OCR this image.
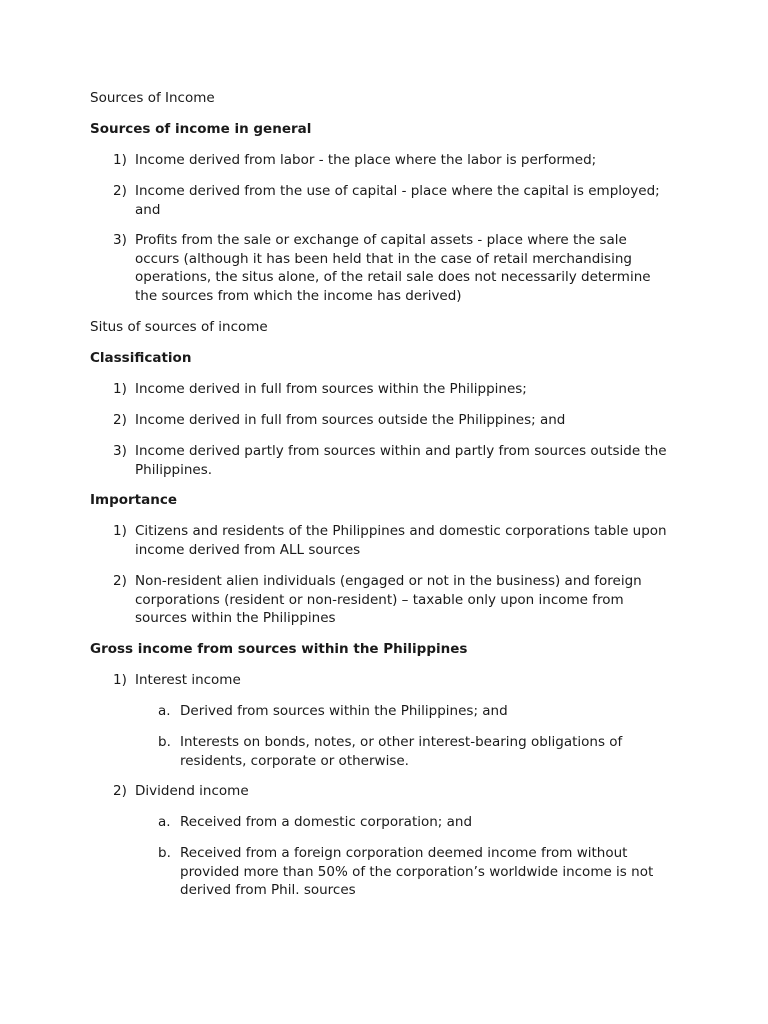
Sources of Income

Sources of income in general

1) Income derived from labor - the place where the labor is performed;
2) Income derived from the use of capital - place where the capital is employed; and
3) Profits from the sale or exchange of capital assets - place where the sale occurs (although it has been held that in the case of retail merchandising operations, the situs alone, of the retail sale does not necessarily determine the sources from which the income has derived)

Situs of sources of income

Classification

1) Income derived in full from sources within the Philippines;
2) Income derived in full from sources outside the Philippines; and
3) Income derived partly from sources within and partly from sources outside the Philippines.

Importance

1) Citizens and residents of the Philippines and domestic corporations table upon income derived from ALL sources
2) Non-resident alien individuals (engaged or not in the business) and foreign corporations (resident or non-resident) – taxable only upon income from sources within the Philippines

Gross income from sources within the Philippines

1) Interest income
a. Derived from sources within the Philippines; and
b. Interests on bonds, notes, or other interest-bearing obligations of residents, corporate or otherwise.
2) Dividend income
a. Received from a domestic corporation; and
b. Received from a foreign corporation deemed income from without provided more than 50% of the corporation’s worldwide income is not derived from Phil. sources
